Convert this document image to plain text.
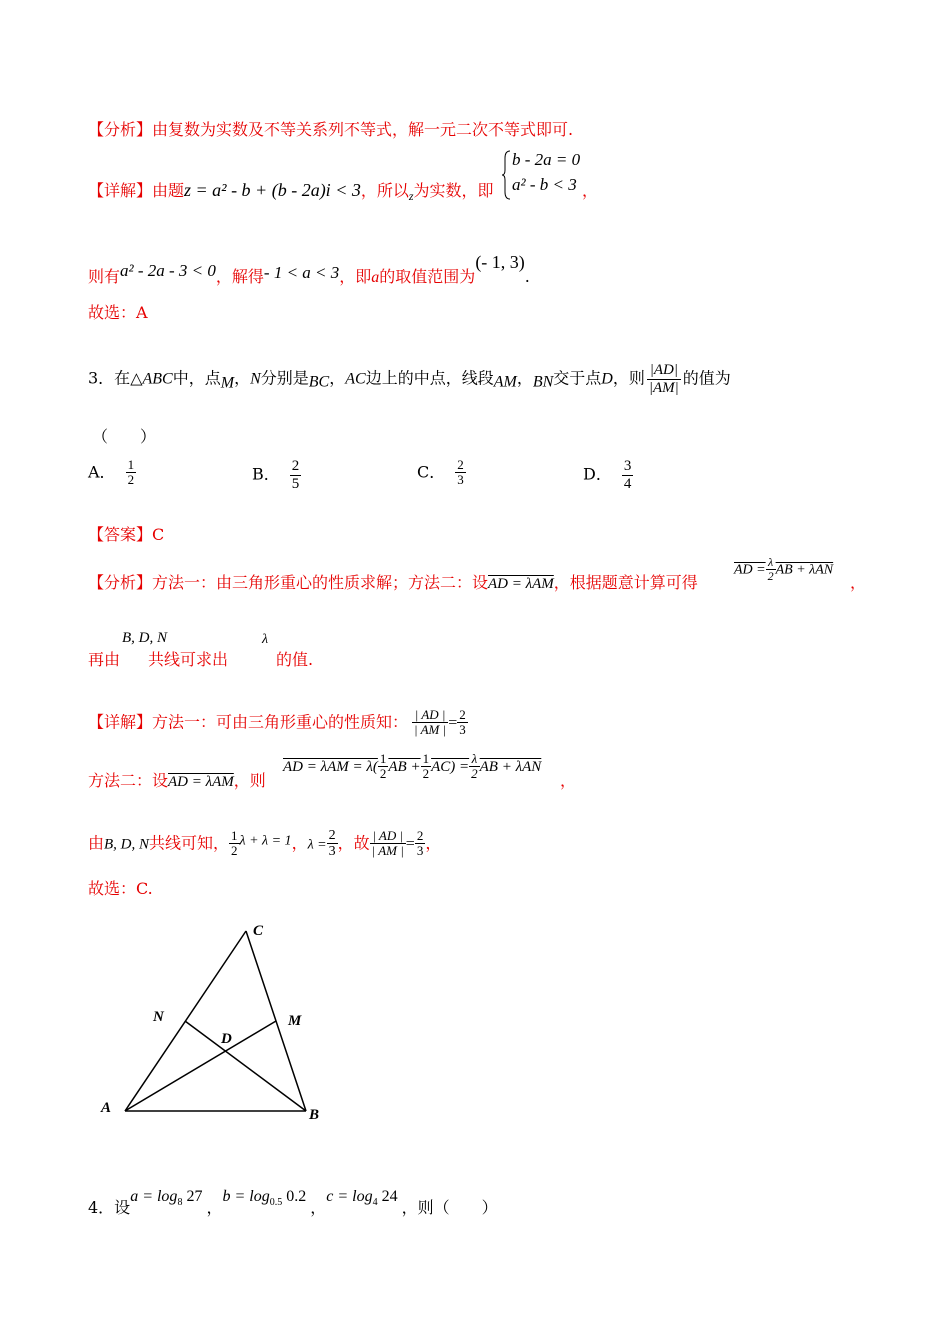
【分析】由复数为实数及不等关系列不等式，解一元二次不等式即可.
【详解】由题z = a² - b + (b - 2a)i < 3，所以$_z$为实数，即
b - 2a = 0
a² - b < 3 ，
则有a² - 2a - 3 < 0，解得- 1 < a < 3，即a的取值范围为(- 1, 3).
故选：A
3．在△ABC中，点M，N分别是BC，AC边上的中点，线段AM，BN交于点D，则 $\frac{|AD|}{|AM|}$ 的值为
（　　）
A． $\frac{1}{2}$	B． $\frac{2}{5}$	C． $\frac{2}{3}$	D． $\frac{3}{4}$
【答案】C
【分析】方法一：由三角形重心的性质求解；方法二：设AD = λAM，根据题意计算可得
AD = $\frac{\lambda}{2}$ AB + λAN
，
B, D, N
再由 共线可求出
λ
的值.
【详解】方法一：可由三角形重心的性质知： $\frac{| AD |}{| AM |} = \frac{2}{3}$
方法二：设AD = λAM，则
AD = $\lambda AM = \lambda( \frac{1}{2}$ AB + $\frac{1}{2} AC) = \frac{\lambda}{2}$ AB + λAN
，
由B, D, N共线可知， $\frac{1}{2}$ λ + λ = 1，$\lambda = \frac{2}{3}$ ，故 $\frac{| AD |}{| AM |} = \frac{2}{3}$ ，
故选：C.
C
N	M
D
A	B
4．设$a = \log_8 27$，$b = \log_{0.5} 0.2$，$c = \log_4 24$，则（　　）
